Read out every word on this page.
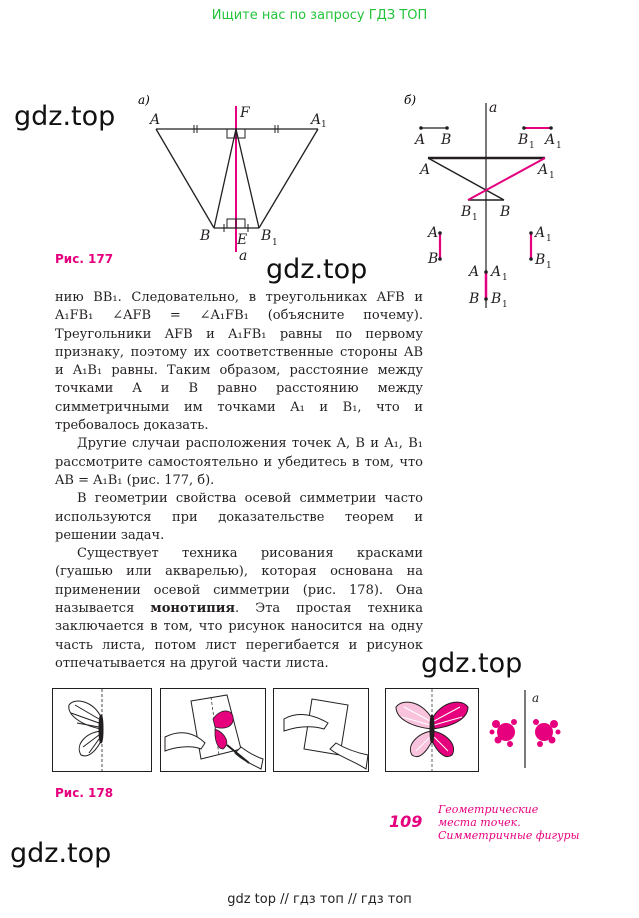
Ищите нас по запросу ГДЗ ТОП
gdz.top
gdz.top
gdz.top
gdz.top
а)
A	A 1
F
B	B 1
E
a
б)	a
A B	B 1 A 1
A	A 1
B 1 B
A
B
A 1
B 1
A A 1
B B 1
Рис. 177

нию BB₁. Следовательно, в треугольниках AFB и A₁FB₁ ∠AFB = ∠A₁FB₁ (объясните почему). Треугольники AFB и A₁FB₁ равны по первому признаку, поэтому их соответственные стороны AB и A₁B₁ равны. Таким образом, расстояние между точками A и B равно расстоянию между симметричными им точками A₁ и B₁, что и требовалось доказать.

Другие случаи расположения точек A, B и A₁, B₁ рассмотрите самостоятельно и убедитесь в том, что AB = A₁B₁ (рис. 177, б).

В геометрии свойства осевой симметрии часто используются при доказательстве теорем и решении задач.

Существует техника рисования красками (гуашью или акварелью), которая основана на применении осевой симметрии (рис. 178). Она называется монотипия. Эта простая техника заключается в том, что рисунок наносится на одну часть листа, потом лист перегибается и рисунок отпечатывается на другой части листа.

a
Рис. 178
109
Геометрические
места точек.
Симметричные фигуры
gdz top // гдз топ // гдз топ
